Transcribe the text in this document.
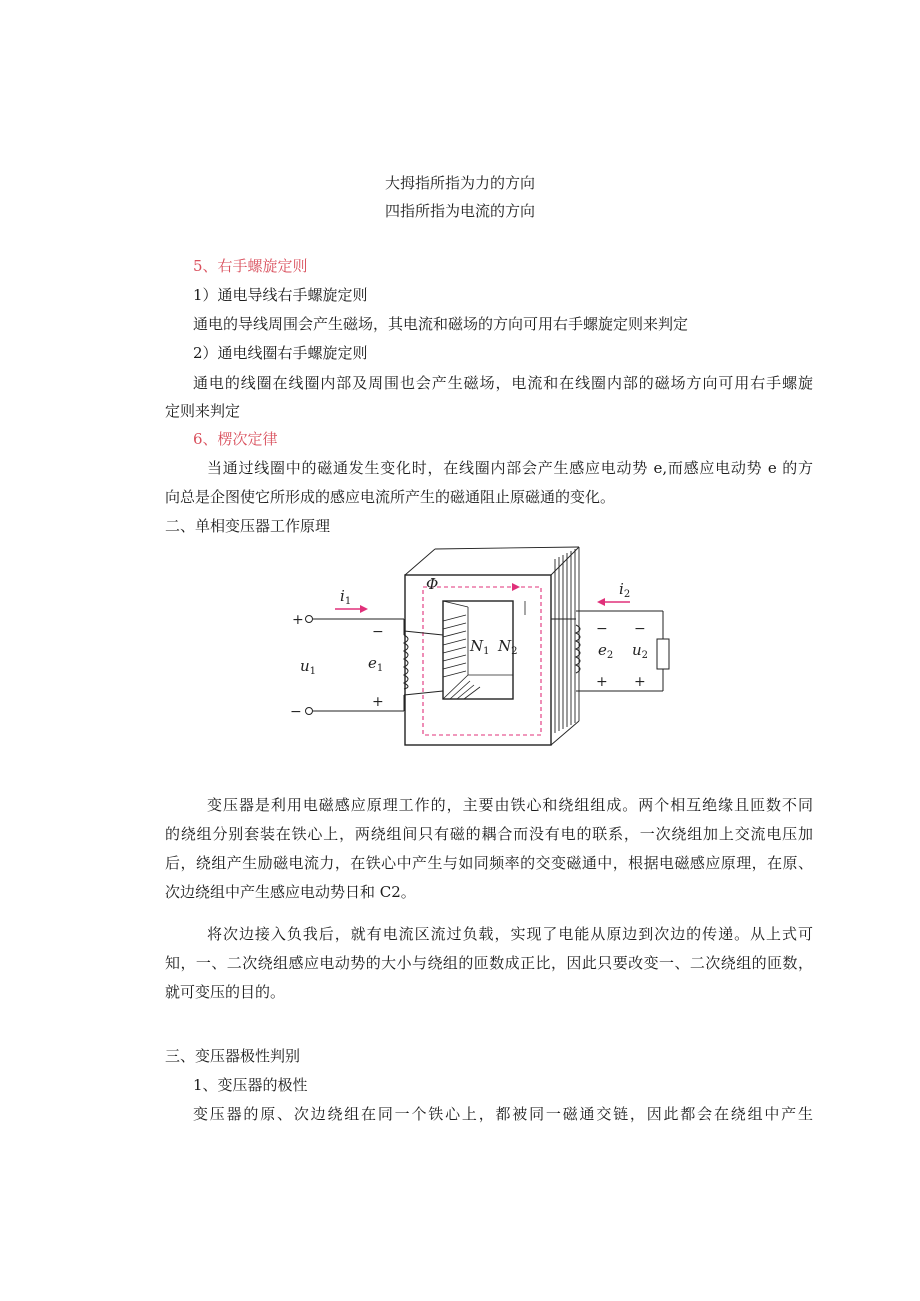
大拇指所指为力的方向
四指所指为电流的方向
5、右手螺旋定则
1）通电导线右手螺旋定则
通电的导线周围会产生磁场，其电流和磁场的方向可用右手螺旋定则来判定
2）通电线圈右手螺旋定则
通电的线圈在线圈内部及周围也会产生磁场，电流和在线圈内部的磁场方向可用右手螺旋
定则来判定
6、楞次定律
当通过线圈中的磁通发生变化时，在线圈内部会产生感应电动势 e,而感应电动势 e 的方
向总是企图使它所形成的感应电流所产生的磁通阻止原磁通的变化。
二、单相变压器工作原理
Φ
$i_1$
$i_2$
$u_1$
$u_2$
$e_1$
$e_2$
$N_1$ $N_2$
+
−
−
+
−
+
−
+
变压器是利用电磁感应原理工作的，主要由铁心和绕组组成。两个相互绝缘且匝数不同
的绕组分别套装在铁心上，两绕组间只有磁的耦合而没有电的联系，一次绕组加上交流电压加
后，绕组产生励磁电流力，在铁心中产生与如同频率的交变磁通中，根据电磁感应原理，在原、
次边绕组中产生感应电动势日和 C2。
将次边接入负我后，就有电流区流过负载，实现了电能从原边到次边的传递。从上式可
知，一、二次绕组感应电动势的大小与绕组的匝数成正比，因此只要改变一、二次绕组的匝数，
就可变压的目的。
三、变压器极性判别
1、变压器的极性
变压器的原、次边绕组在同一个铁心上，都被同一磁通交链，因此都会在绕组中产生
